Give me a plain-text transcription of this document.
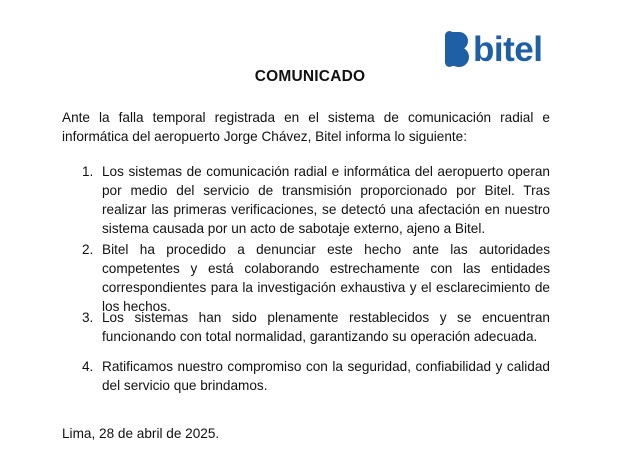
bitel
COMUNICADO

Ante la falla temporal registrada en el sistema de comunicación radial e informática del aeropuerto Jorge Chávez, Bitel informa lo siguiente:

1. Los sistemas de comunicación radial e informática del aeropuerto operan por medio del servicio de transmisión proporcionado por Bitel. Tras realizar las primeras verificaciones, se detectó una afectación en nuestro sistema causada por un acto de sabotaje externo, ajeno a Bitel.
2. Bitel ha procedido a denunciar este hecho ante las autoridades competentes y está colaborando estrechamente con las entidades correspondientes para la investigación exhaustiva y el esclarecimiento de los hechos.
3. Los sistemas han sido plenamente restablecidos y se encuentran funcionando con total normalidad, garantizando su operación adecuada.
4. Ratificamos nuestro compromiso con la seguridad, confiabilidad y calidad del servicio que brindamos.

Lima, 28 de abril de 2025.
